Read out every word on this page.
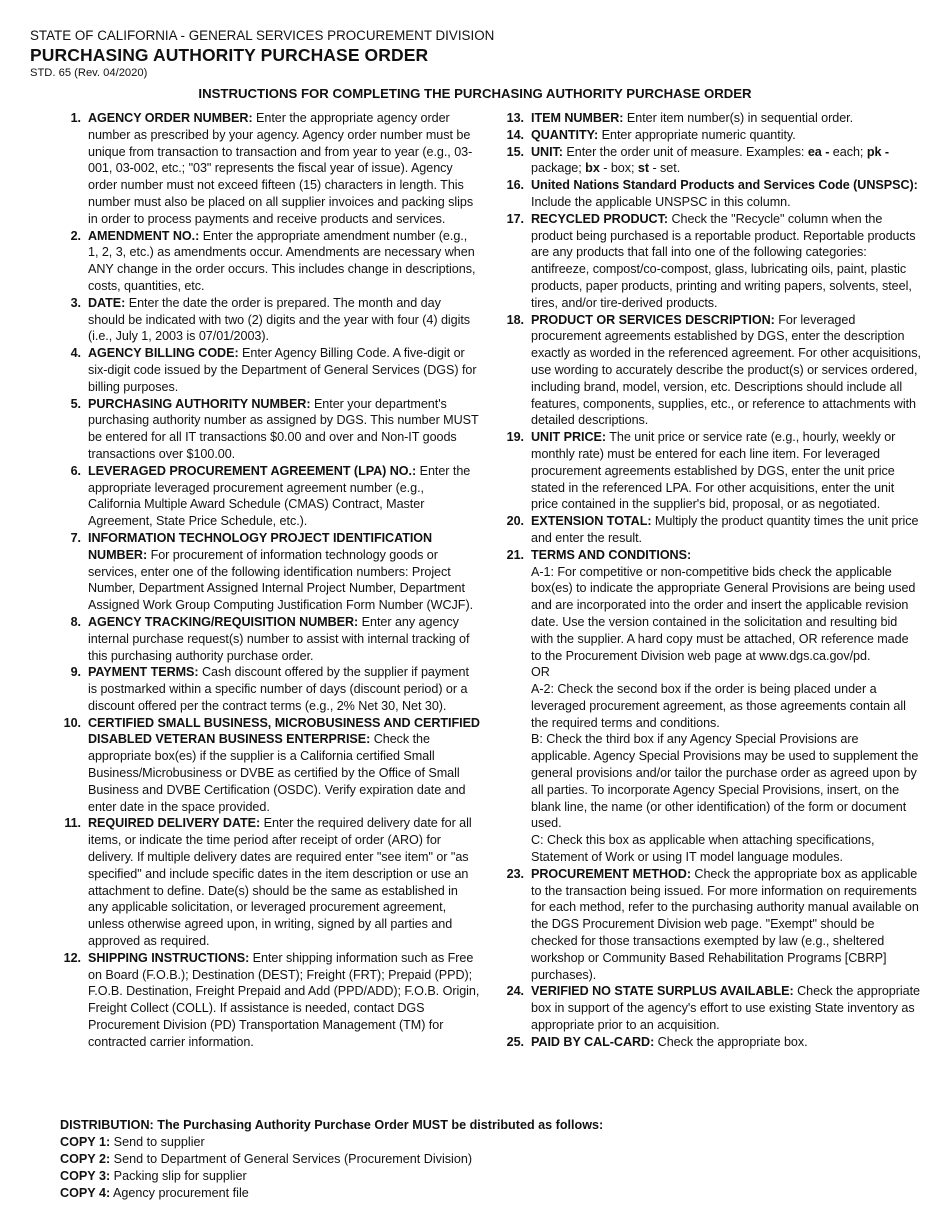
STATE OF CALIFORNIA - GENERAL SERVICES PROCUREMENT DIVISION
PURCHASING AUTHORITY PURCHASE ORDER
STD. 65 (Rev. 04/2020)
INSTRUCTIONS FOR COMPLETING THE PURCHASING AUTHORITY PURCHASE ORDER
1. AGENCY ORDER NUMBER: Enter the appropriate agency order number as prescribed by your agency. Agency order number must be unique from transaction to transaction and from year to year (e.g., 03-001, 03-002, etc.; "03" represents the fiscal year of issue). Agency order number must not exceed fifteen (15) characters in length. This number must also be placed on all supplier invoices and packing slips in order to process payments and receive products and services.

2. AMENDMENT NO.: Enter the appropriate amendment number (e.g., 1, 2, 3, etc.) as amendments occur. Amendments are necessary when ANY change in the order occurs. This includes change in descriptions, costs, quantities, etc.

3. DATE: Enter the date the order is prepared. The month and day should be indicated with two (2) digits and the year with four (4) digits (i.e., July 1, 2003 is 07/01/2003).

4. AGENCY BILLING CODE: Enter Agency Billing Code. A five-digit or six-digit code issued by the Department of General Services (DGS) for billing purposes.

5. PURCHASING AUTHORITY NUMBER: Enter your department's purchasing authority number as assigned by DGS. This number MUST be entered for all IT transactions $0.00 and over and Non-IT goods transactions over $100.00.

6. LEVERAGED PROCUREMENT AGREEMENT (LPA) NO.: Enter the appropriate leveraged procurement agreement number (e.g., California Multiple Award Schedule (CMAS) Contract, Master Agreement, State Price Schedule, etc.).

7. INFORMATION TECHNOLOGY PROJECT IDENTIFICATION NUMBER: For procurement of information technology goods or services, enter one of the following identification numbers: Project Number, Department Assigned Internal Project Number, Department Assigned Work Group Computing Justification Form Number (WCJF).

8. AGENCY TRACKING/REQUISITION NUMBER: Enter any agency internal purchase request(s) number to assist with internal tracking of this purchasing authority purchase order.

9. PAYMENT TERMS: Cash discount offered by the supplier if payment is postmarked within a specific number of days (discount period) or a discount offered per the contract terms (e.g., 2% Net 30, Net 30).

10. CERTIFIED SMALL BUSINESS, MICROBUSINESS AND CERTIFIED DISABLED VETERAN BUSINESS ENTERPRISE: Check the appropriate box(es) if the supplier is a California certified Small Business/Microbusiness or DVBE as certified by the Office of Small Business and DVBE Certification (OSDC). Verify expiration date and enter date in the space provided.

11. REQUIRED DELIVERY DATE: Enter the required delivery date for all items, or indicate the time period after receipt of order (ARO) for delivery. If multiple delivery dates are required enter "see item" or "as specified" and include specific dates in the item description or use an attachment to define. Date(s) should be the same as established in any applicable solicitation, or leveraged procurement agreement, unless otherwise agreed upon, in writing, signed by all parties and approved as required.

12. SHIPPING INSTRUCTIONS: Enter shipping information such as Free on Board (F.O.B.); Destination (DEST); Freight (FRT); Prepaid (PPD); F.O.B. Destination, Freight Prepaid and Add (PPD/ADD); F.O.B. Origin, Freight Collect (COLL). If assistance is needed, contact DGS Procurement Division (PD) Transportation Management (TM) for contracted carrier information.

13. ITEM NUMBER: Enter item number(s) in sequential order.

14. QUANTITY: Enter appropriate numeric quantity.

15. UNIT: Enter the order unit of measure. Examples: ea - each; pk - package; bx - box; st - set.

16. United Nations Standard Products and Services Code (UNSPSC): Include the applicable UNSPSC in this column.

17. RECYCLED PRODUCT: Check the "Recycle" column when the product being purchased is a reportable product. Reportable products are any products that fall into one of the following categories: antifreeze, compost/co-compost, glass, lubricating oils, paint, plastic products, paper products, printing and writing papers, solvents, steel, tires, and/or tire-derived products.

18. PRODUCT OR SERVICES DESCRIPTION: For leveraged procurement agreements established by DGS, enter the description exactly as worded in the referenced agreement. For other acquisitions, use wording to accurately describe the product(s) or services ordered, including brand, model, version, etc. Descriptions should include all features, components, supplies, etc., or reference to attachments with detailed descriptions.

19. UNIT PRICE: The unit price or service rate (e.g., hourly, weekly or monthly rate) must be entered for each line item. For leveraged procurement agreements established by DGS, enter the unit price stated in the referenced LPA. For other acquisitions, enter the unit price contained in the supplier's bid, proposal, or as negotiated.

20. EXTENSION TOTAL: Multiply the product quantity times the unit price and enter the result.

21. TERMS AND CONDITIONS:

A-1: For competitive or non-competitive bids check the applicable box(es) to indicate the appropriate General Provisions are being used and are incorporated into the order and insert the applicable revision date. Use the version contained in the solicitation and resulting bid with the supplier. A hard copy must be attached, OR reference made to the Procurement Division web page at www.dgs.ca.gov/pd.

OR

A-2: Check the second box if the order is being placed under a leveraged procurement agreement, as those agreements contain all the required terms and conditions.

B: Check the third box if any Agency Special Provisions are applicable. Agency Special Provisions may be used to supplement the general provisions and/or tailor the purchase order as agreed upon by all parties. To incorporate Agency Special Provisions, insert, on the blank line, the name (or other identification) of the form or document used.

C: Check this box as applicable when attaching specifications, Statement of Work or using IT model language modules.

23. PROCUREMENT METHOD: Check the appropriate box as applicable to the transaction being issued. For more information on requirements for each method, refer to the purchasing authority manual available on the DGS Procurement Division web page. "Exempt" should be checked for those transactions exempted by law (e.g., sheltered workshop or Community Based Rehabilitation Programs [CBRP] purchases).

24. VERIFIED NO STATE SURPLUS AVAILABLE: Check the appropriate box in support of the agency's effort to use existing State inventory as appropriate prior to an acquisition.

25. PAID BY CAL-CARD: Check the appropriate box.

DISTRIBUTION: The Purchasing Authority Purchase Order MUST be distributed as follows:
COPY 1: Send to supplier
COPY 2: Send to Department of General Services (Procurement Division)
COPY 3: Packing slip for supplier
COPY 4: Agency procurement file
